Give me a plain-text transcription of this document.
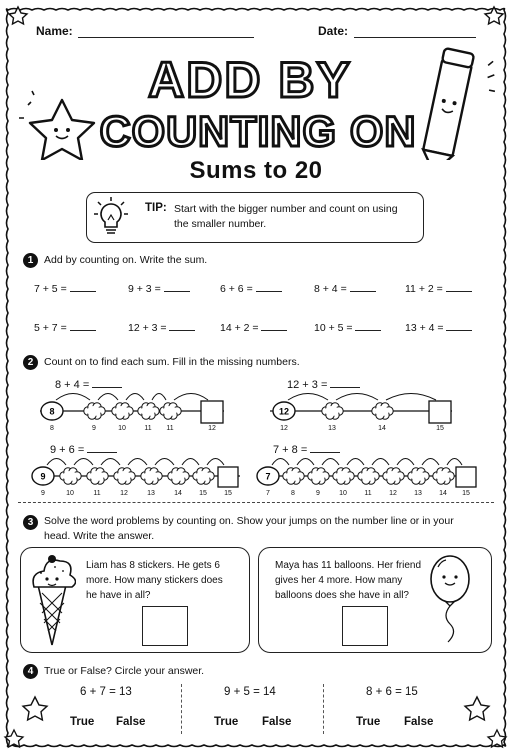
Name:	Date:
ADD BY
COUNTING ON
Sums to 20
TIP: Start with the bigger number and count on using the smaller number.
1	Add by counting on. Write the sum.
7 + 5 =	9 + 3 =	6 + 6 =	8 + 4 =	11 + 2 =
5 + 7 =	12 + 3 =	14 + 2 =	10 + 5 =	13 + 4 =
2	Count on to find each sum. Fill in the missing numbers.
8 + 4 =	12 + 3 =
9 + 6 =	7 + 8 =
8
8	9	10	11 11	12
12
12	13	14	15
9
9	10	11	12	13	14 15 15
7
7	8	9	10 11 12 13 14 15
3	Solve the word problems by counting on. Show your jumps on the number line or in your head. Write the answer.
Liam has 8 stickers. He gets 6 more. How many stickers does he have in all?
Maya has 11 balloons. Her friend gives her 4 more. How many balloons does she have in all?
4	True or False? Circle your answer.
6 + 7 = 13
True False
9 + 5 = 14
True False
8 + 6 = 15
True False
